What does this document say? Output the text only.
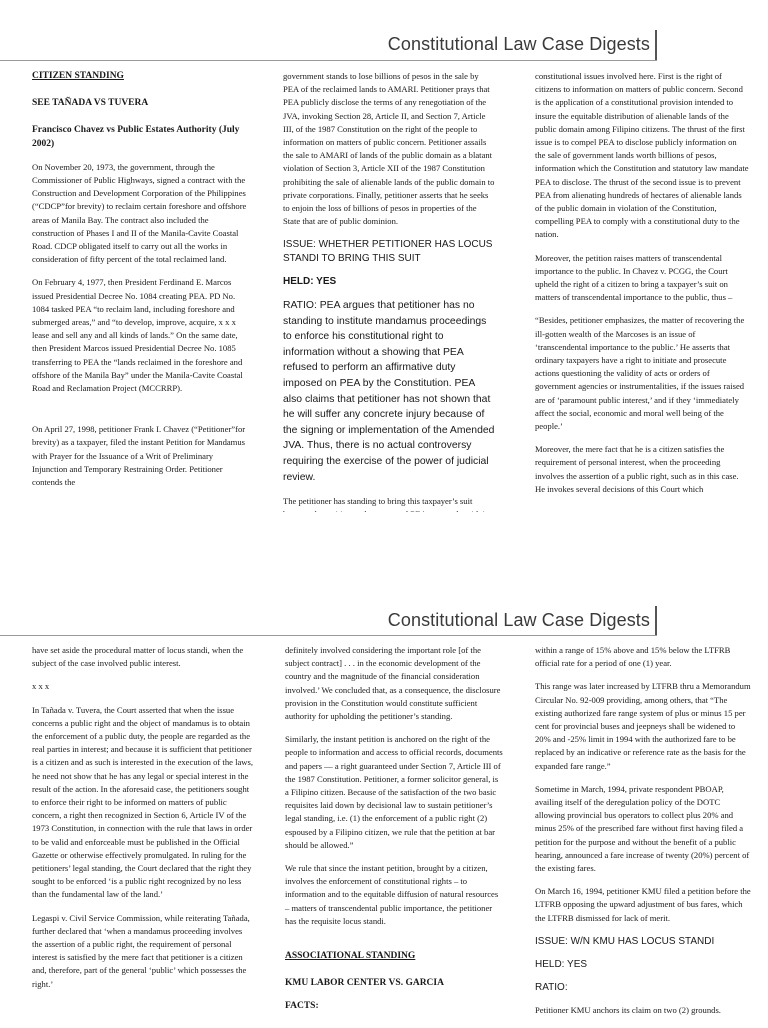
Constitutional Law Case Digests
CITIZEN STANDING

SEE TAÑADA VS TUVERA

Francisco Chavez vs Public Estates Authority (July 2002)

On November 20, 1973, the government, through the Commissioner of Public Highways, signed a contract with the Construction and Development Corporation of the Philippines (“CDCP”for brevity) to reclaim certain foreshore and offshore areas of Manila Bay. The contract also included the construction of Phases I and II of the Manila-Cavite Coastal Road. CDCP obligated itself to carry out all the works in consideration of fifty percent of the total reclaimed land.

On February 4, 1977, then President Ferdinand E. Marcos issued Presidential Decree No. 1084 creating PEA. PD No. 1084 tasked PEA “to reclaim land, including foreshore and submerged areas,” and “to develop, improve, acquire, x x x lease and sell any and all kinds of lands.” On the same date, then President Marcos issued Presidential Decree No. 1085 transferring to PEA the “lands reclaimed in the foreshore and offshore of the Manila Bay” under the Manila-Cavite Coastal Road and Reclamation Project (MCCRRP).

On April 27, 1998, petitioner Frank I. Chavez (“Petitioner”for brevity) as a taxpayer, filed the instant Petition for Mandamus with Prayer for the Issuance of a Writ of Preliminary Injunction and Temporary Restraining Order. Petitioner contends the

government stands to lose billions of pesos in the sale by PEA of the reclaimed lands to AMARI. Petitioner prays that PEA publicly disclose the terms of any renegotiation of the JVA, invoking Section 28, Article II, and Section 7, Article III, of the 1987 Constitution on the right of the people to information on matters of public concern. Petitioner assails the sale to AMARI of lands of the public domain as a blatant violation of Section 3, Article XII of the 1987 Constitution prohibiting the sale of alienable lands of the public domain to private corporations. Finally, petitioner asserts that he seeks to enjoin the loss of billions of pesos in properties of the State that are of public dominion.

ISSUE: WHETHER PETITIONER HAS LOCUS STANDI TO BRING THIS SUIT

HELD: YES

RATIO: PEA argues that petitioner has no standing to institute mandamus proceedings to enforce his constitutional right to information without a showing that PEA refused to perform an affirmative duty imposed on PEA by the Constitution. PEA also claims that petitioner has not shown that he will suffer any concrete injury because of the signing or implementation of the Amended JVA. Thus, there is no actual controversy requiring the exercise of the power of judicial review.

The petitioner has standing to bring this taxpayer’s suit

constitutional issues involved here. First is the right of citizens to information on matters of public concern. Second is the application of a constitutional provision intended to insure the equitable distribution of alienable lands of the public domain among Filipino citizens. The thrust of the first issue is to compel PEA to disclose publicly information on the sale of government lands worth billions of pesos, information which the Constitution and statutory law mandate PEA to disclose. The thrust of the second issue is to prevent PEA from alienating hundreds of hectares of alienable lands of the public domain in violation of the Constitution, compelling PEA to comply with a constitutional duty to the nation.

Moreover, the petition raises matters of transcendental importance to the public. In Chavez v. PCGG, the Court upheld the right of a citizen to bring a taxpayer’s suit on matters of transcendental importance to the public, thus –

“Besides, petitioner emphasizes, the matter of recovering the ill-gotten wealth of the Marcoses is an issue of ‘transcendental importance to the public.’ He asserts that ordinary taxpayers have a right to initiate and prosecute actions questioning the validity of acts or orders of government agencies or instrumentalities, if the issues raised are of ‘paramount public interest,’ and if they ‘immediately affect the social, economic and moral well being of the people.’

Moreover, the mere fact that he is a citizen satisfies the requirement of personal interest, when the proceeding involves the assertion of a public right, such as in this case. He invokes several decisions of this Court which

Constitutional Law Case Digests

have set aside the procedural matter of locus standi, when the subject of the case involved public interest.

x x x

In Tañada v. Tuvera, the Court asserted that when the issue concerns a public right and the object of mandamus is to obtain the enforcement of a public duty, the people are regarded as the real parties in interest; and because it is sufficient that petitioner is a citizen and as such is interested in the execution of the laws, he need not show that he has any legal or special interest in the result of the action. In the aforesaid case, the petitioners sought to enforce their right to be informed on matters of public concern, a right then recognized in Section 6, Article IV of the 1973 Constitution, in connection with the rule that laws in order to be valid and enforceable must be published in the Official Gazette or otherwise effectively promulgated. In ruling for the petitioners’ legal standing, the Court declared that the right they sought to be enforced ‘is a public right recognized by no less than the fundamental law of the land.’

Legaspi v. Civil Service Commission, while reiterating Tañada, further declared that ‘when a mandamus proceeding involves the assertion of a public right, the requirement of personal interest is satisfied by the mere fact that petitioner is a citizen and, therefore, part of the general ‘public’ which possesses the right.’

definitely involved considering the important role [of the subject contract] . . . in the economic development of the country and the magnitude of the financial consideration involved.’ We concluded that, as a consequence, the disclosure provision in the Constitution would constitute sufficient authority for upholding the petitioner’s standing.

Similarly, the instant petition is anchored on the right of the people to information and access to official records, documents and papers — a right guaranteed under Section 7, Article III of the 1987 Constitution. Petitioner, a former solicitor general, is a Filipino citizen. Because of the satisfaction of the two basic requisites laid down by decisional law to sustain petitioner’s legal standing, i.e. (1) the enforcement of a public right (2) espoused by a Filipino citizen, we rule that the petition at bar should be allowed.”

We rule that since the instant petition, brought by a citizen, involves the enforcement of constitutional rights – to information and to the equitable diffusion of natural resources – matters of transcendental public importance, the petitioner has the requisite locus standi.

ASSOCIATIONAL STANDING

KMU LABOR CENTER VS. GARCIA

FACTS:

within a range of 15% above and 15% below the LTFRB official rate for a period of one (1) year.

This range was later increased by LTFRB thru a Memorandum Circular No. 92-009 providing, among others, that “The existing authorized fare range system of plus or minus 15 per cent for provincial buses and jeepneys shall be widened to 20% and -25% limit in 1994 with the authorized fare to be replaced by an indicative or reference rate as the basis for the expanded fare range.”

Sometime in March, 1994, private respondent PBOAP, availing itself of the deregulation policy of the DOTC allowing provincial bus operators to collect plus 20% and minus 25% of the prescribed fare without first having filed a petition for the purpose and without the benefit of a public hearing, announced a fare increase of twenty (20%) percent of the existing fares.

On March 16, 1994, petitioner KMU filed a petition before the LTFRB opposing the upward adjustment of bus fares, which the LTFRB dismissed for lack of merit.

ISSUE: W/N KMU HAS LOCUS STANDI

HELD: YES

RATIO:

Petitioner KMU anchors its claim on two (2) grounds.
